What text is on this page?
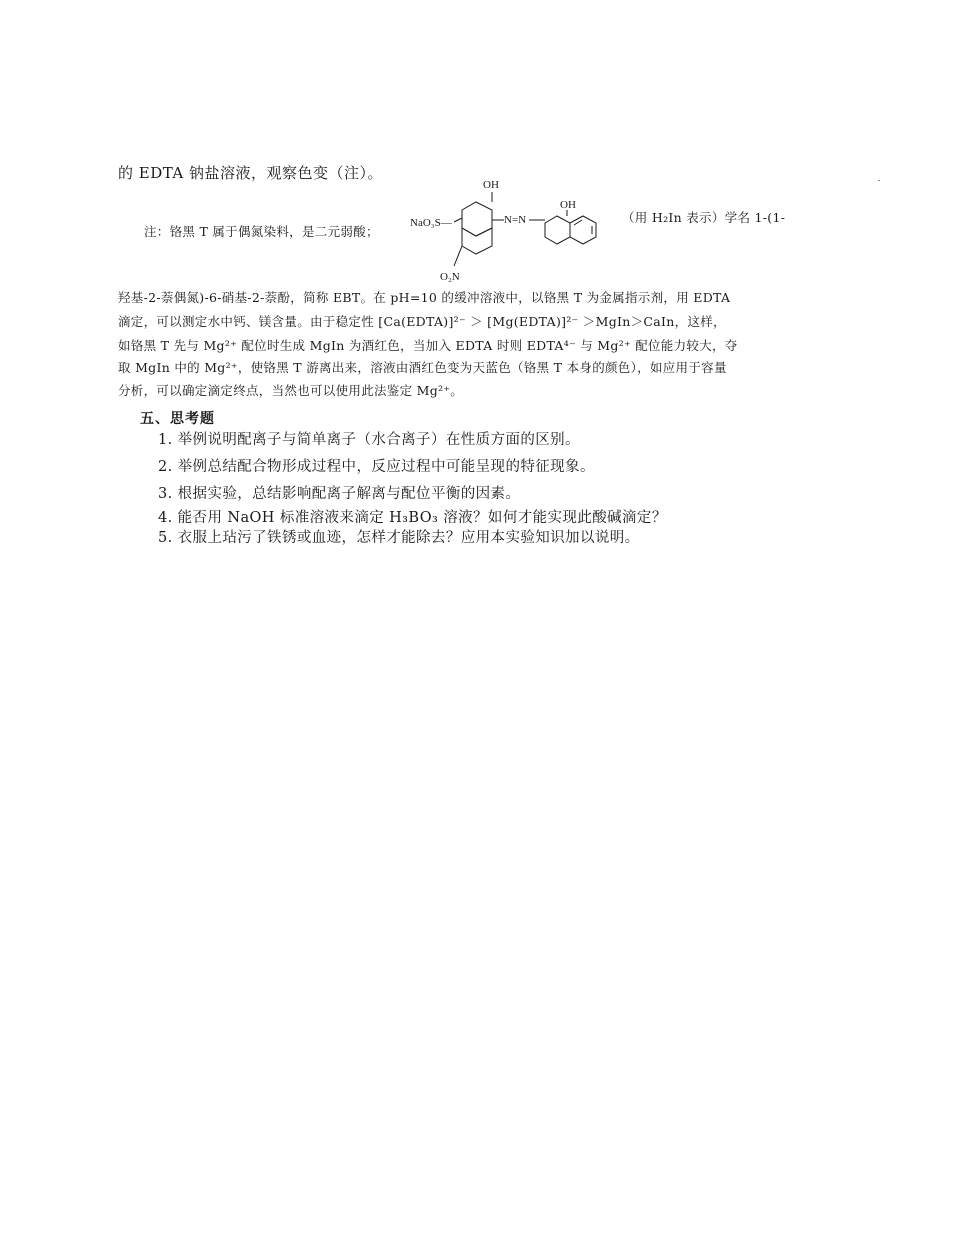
的 EDTA 钠盐溶液，观察色变（注）。
注：铬黑 T 属于偶氮染料，是二元弱酸；
OH
NaO₃S—	N=N
OH
O₂N
（用 H₂In 表示）学名 1-(1-
羟基-2-萘偶氮)-6-硝基-2-萘酚，简称 EBT。在 pH=10 的缓冲溶液中，以铬黑 T 为金属指示剂，用 EDTA
滴定，可以测定水中钙、镁含量。由于稳定性 [Ca(EDTA)]²⁻ ＞ [Mg(EDTA)]²⁻ ＞MgIn＞CaIn，这样，
如铬黑 T 先与 Mg²⁺ 配位时生成 MgIn 为酒红色，当加入 EDTA 时则 EDTA⁴⁻ 与 Mg²⁺ 配位能力较大，夺
取 MgIn 中的 Mg²⁺，使铬黑 T 游离出来，溶液由酒红色变为天蓝色（铬黑 T 本身的颜色），如应用于容量
分析，可以确定滴定终点，当然也可以使用此法鉴定 Mg²⁺。
五、思考题
1. 举例说明配离子与简单离子（水合离子）在性质方面的区别。
2. 举例总结配合物形成过程中，反应过程中可能呈现的特征现象。
3. 根据实验，总结影响配离子解离与配位平衡的因素。
4. 能否用 NaOH 标准溶液来滴定 H₃BO₃ 溶液？如何才能实现此酸碱滴定？
5. 衣服上玷污了铁锈或血迹，怎样才能除去？应用本实验知识加以说明。
